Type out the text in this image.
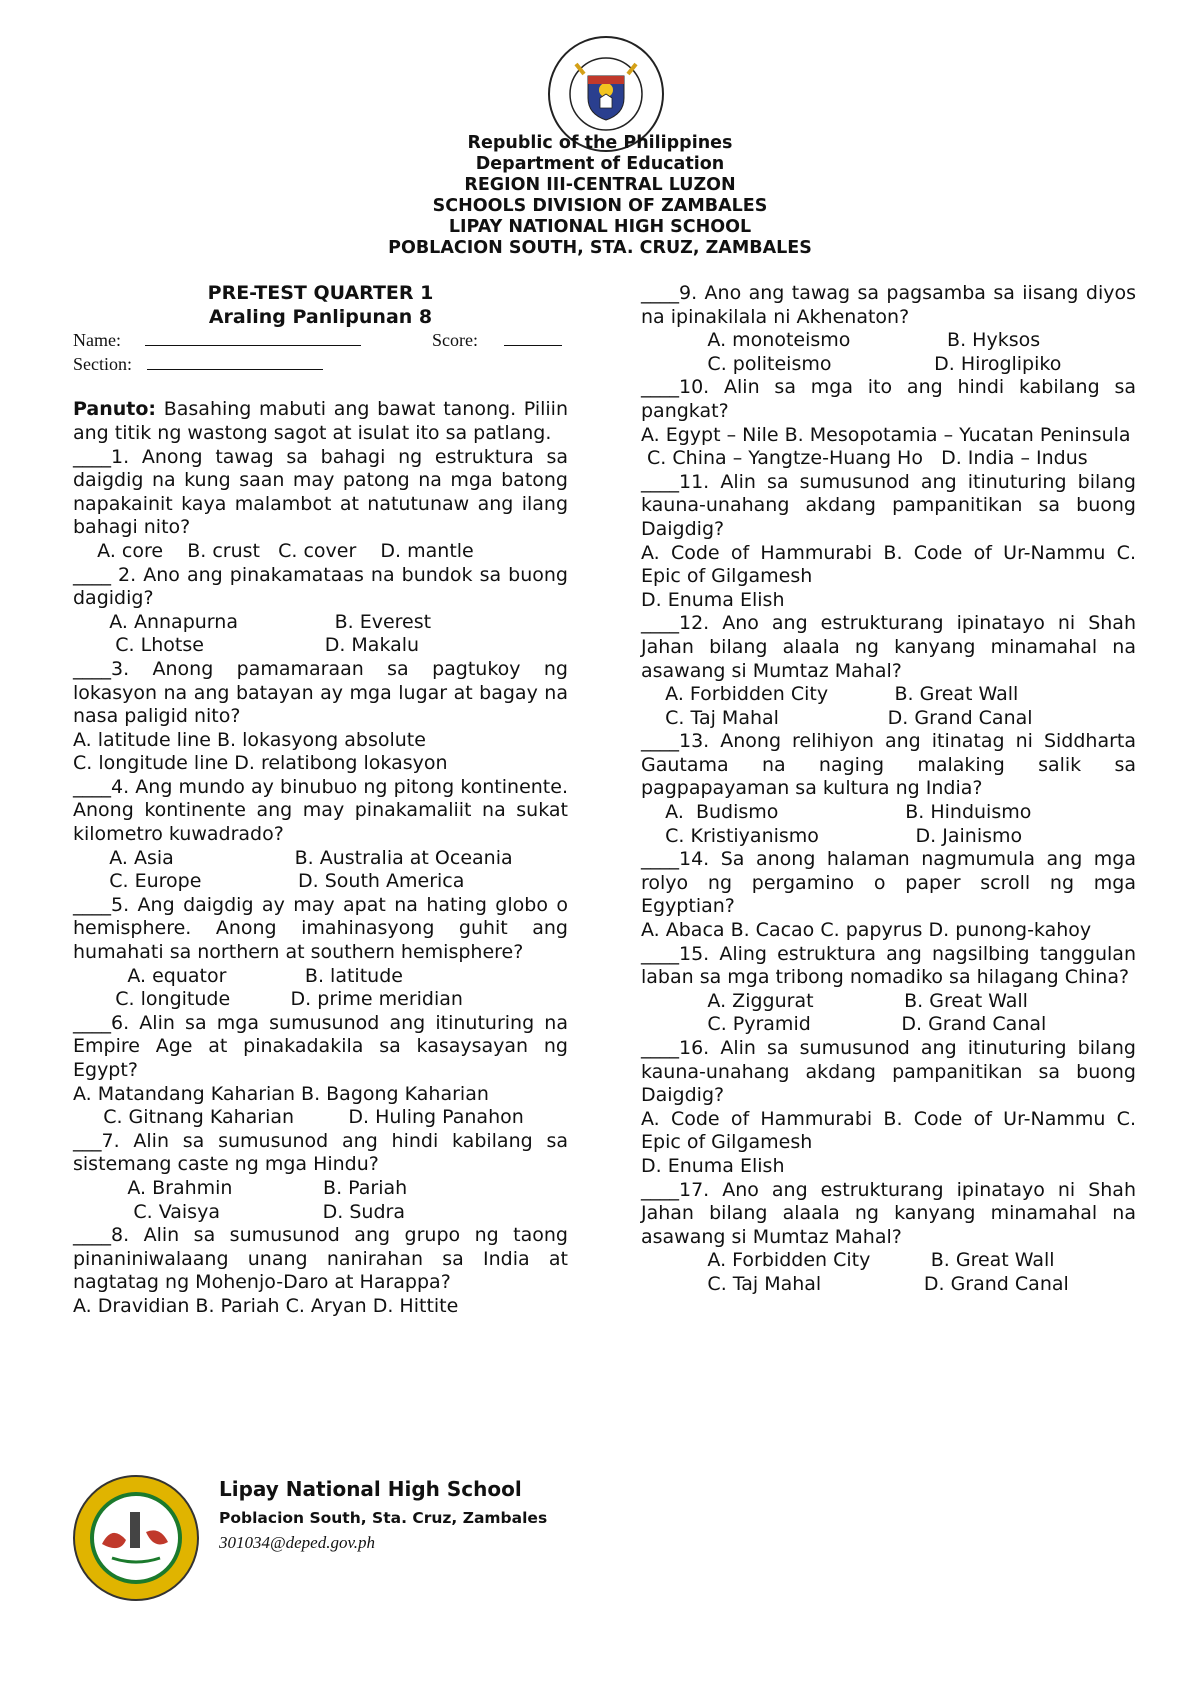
Republic of the Philippines
Department of Education
REGION III-CENTRAL LUZON
SCHOOLS DIVISION OF ZAMBALES
LIPAY NATIONAL HIGH SCHOOL
POBLACION SOUTH, STA. CRUZ, ZAMBALES
PRE-TEST QUARTER 1
Araling Panlipunan 8
Name:	Score:
Section:
Panuto: Basahing mabuti ang bawat tanong. Piliin ang titik ng wastong sagot at isulat ito sa patlang.
____1. Anong tawag sa bahagi ng estruktura sa daigdig na kung saan may patong na mga batong napakainit kaya malambot at natutunaw ang ilang bahagi nito?
A. core    B. crust   C. cover    D. mantle
____ 2. Ano ang pinakamataas na bundok sa buong dagidig?
A. Annapurna                B. Everest
C. Lhotse                    D. Makalu
____3. Anong pamamaraan sa pagtukoy ng lokasyon na ang batayan ay mga lugar at bagay na nasa paligid nito?
A. latitude line B. lokasyong absolute
C. longitude line D. relatibong lokasyon
____4. Ang mundo ay binubuo ng pitong kontinente. Anong kontinente ang may pinakamaliit na sukat kilometro kuwadrado?
A. Asia                    B. Australia at Oceania
C. Europe                D. South America
____5. Ang daigdig ay may apat na hating globo o hemisphere. Anong imahinasyong guhit ang humahati sa northern at southern hemisphere?
A. equator             B. latitude
C. longitude          D. prime meridian
____6. Alin sa mga sumusunod ang itinuturing na Empire Age at pinakadakila sa kasaysayan ng Egypt?
A. Matandang Kaharian B. Bagong Kaharian
C. Gitnang Kaharian         D. Huling Panahon
___7. Alin sa sumusunod ang hindi kabilang sa sistemang caste ng mga Hindu?
A. Brahmin               B. Pariah
C. Vaisya                 D. Sudra
____8. Alin sa sumusunod ang grupo ng taong pinaniniwalaang unang nanirahan sa India at nagtatag ng Mohenjo-Daro at Harappa?
A. Dravidian B. Pariah C. Aryan D. Hittite
____9. Ano ang tawag sa pagsamba sa iisang diyos na ipinakilala ni Akhenaton?
A. monoteismo                B. Hyksos
C. politeismo                 D. Hiroglipiko
____10. Alin sa mga ito ang hindi kabilang sa pangkat?
A. Egypt – Nile B. Mesopotamia – Yucatan Peninsula
C. China – Yangtze-Huang Ho   D. India – Indus
____11. Alin sa sumusunod ang itinuturing bilang kauna-unahang akdang pampanitikan sa buong Daigdig?
A. Code of Hammurabi B. Code of Ur-Nammu C. Epic of Gilgamesh
D. Enuma Elish
____12. Ano ang estrukturang ipinatayo ni Shah Jahan bilang alaala ng kanyang minamahal na asawang si Mumtaz Mahal?
A. Forbidden City           B. Great Wall
C. Taj Mahal                  D. Grand Canal
____13. Anong relihiyon ang itinatag ni Siddharta Gautama na naging malaking salik sa pagpapayaman sa kultura ng India?
A.  Budismo                     B. Hinduismo
C. Kristiyanismo                D. Jainismo
____14. Sa anong halaman nagmumula ang mga rolyo ng pergamino o paper scroll ng mga Egyptian?
A. Abaca B. Cacao C. papyrus D. punong-kahoy
____15. Aling estruktura ang nagsilbing tanggulan laban sa mga tribong nomadiko sa hilagang China?
A. Ziggurat               B. Great Wall
C. Pyramid               D. Grand Canal
____16. Alin sa sumusunod ang itinuturing bilang kauna-unahang akdang pampanitikan sa buong Daigdig?
A. Code of Hammurabi B. Code of Ur-Nammu C. Epic of Gilgamesh
D. Enuma Elish
____17. Ano ang estrukturang ipinatayo ni Shah Jahan bilang alaala ng kanyang minamahal na asawang si Mumtaz Mahal?
A. Forbidden City          B. Great Wall
C. Taj Mahal                 D. Grand Canal
Lipay National High School
Poblacion South, Sta. Cruz, Zambales
301034@deped.gov.ph
